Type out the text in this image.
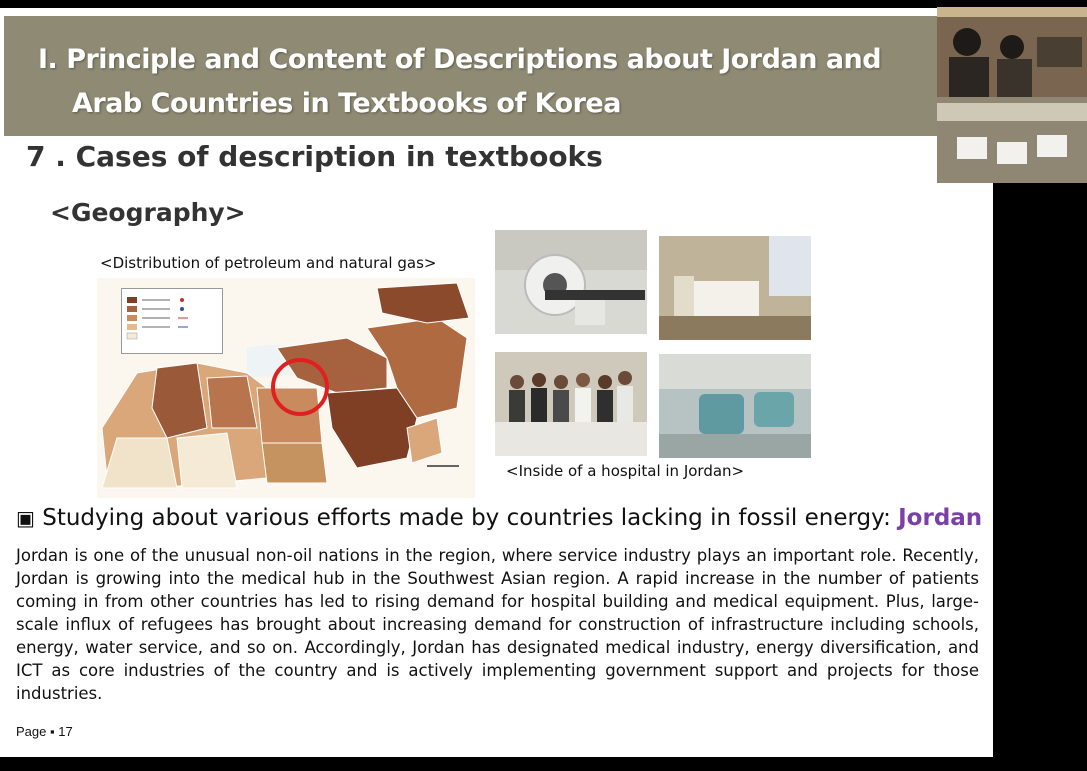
Ⅰ. Principle and Content of Descriptions about Jordan and
Arab Countries in Textbooks of Korea
7 . Cases of description in textbooks
<Geography>
<Distribution of petroleum and natural gas>
<Inside of a hospital in Jordan>
▣ Studying about various efforts made by countries lacking in fossil energy: Jordan
Jordan is one of the unusual non-oil nations in the region, where service industry plays an important role. Recently, Jordan is growing into the medical hub in the Southwest Asian region. A rapid increase in the number of patients coming in from other countries has led to rising demand for hospital building and medical equipment. Plus, large-scale influx of refugees has brought about increasing demand for construction of infrastructure including schools, energy, water service, and so on. Accordingly, Jordan has designated medical industry, energy diversification, and ICT as core industries of the country and is actively implementing government support and projects for those industries.
Page ▪ 17
